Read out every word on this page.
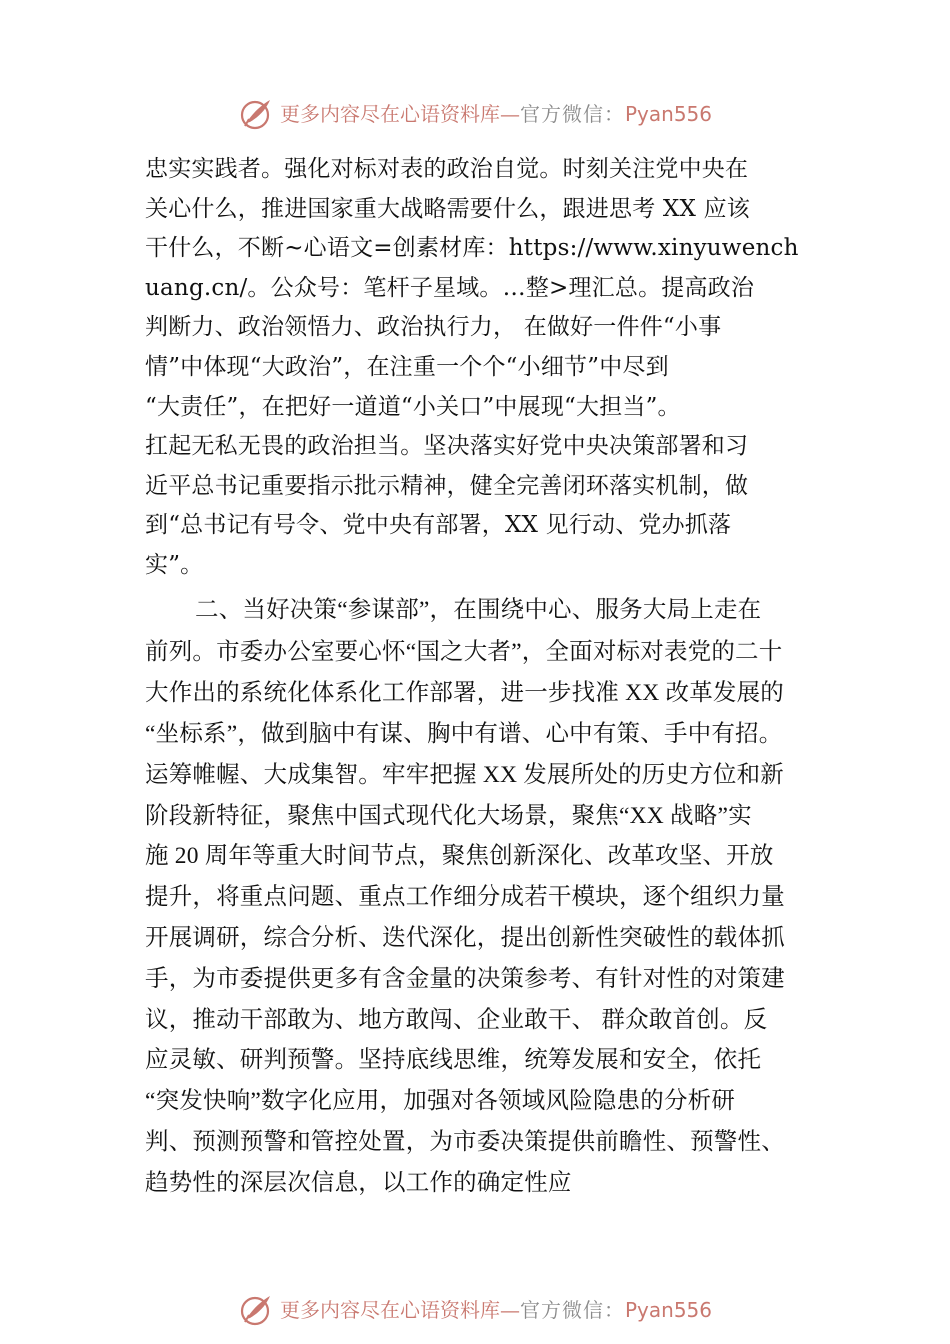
更多内容尽在心语资料库—官方微信：Pyan556
忠实实践者。强化对标对表的政治自觉。时刻关注党中央在
关心什么，推进国家重大战略需要什么，跟进思考 XX 应该
干什么，不断~心语文=创素材库：https://www.xinyuwench
uang.cn/。公众号：笔杆子星域。…整>理汇总。提高政治
判断力、政治领悟力、政治执行力， 在做好一件件“小事
情”中体现“大政治”，在注重一个个“小细节”中尽到
“大责任”，在把好一道道“小关口”中展现“大担当”。
扛起无私无畏的政治担当。坚决落实好党中央决策部署和习
近平总书记重要指示批示精神，健全完善闭环落实机制，做
到“总书记有号令、党中央有部署，XX 见行动、党办抓落
实”。
二、当好决策“参谋部”，在围绕中心、服务大局上走在
前列。市委办公室要心怀“国之大者”，全面对标对表党的二十
大作出的系统化体系化工作部署，进一步找准 XX 改革发展的
“坐标系”，做到脑中有谋、胸中有谱、心中有策、手中有招。
运筹帷幄、大成集智。牢牢把握 XX 发展所处的历史方位和新
阶段新特征，聚焦中国式现代化大场景，聚焦“XX 战略”实
施 20 周年等重大时间节点，聚焦创新深化、改革攻坚、开放
提升，将重点问题、重点工作细分成若干模块，逐个组织力量
开展调研，综合分析、迭代深化，提出创新性突破性的载体抓
手，为市委提供更多有含金量的决策参考、有针对性的对策建
议，推动干部敢为、地方敢闯、企业敢干、 群众敢首创。反
应灵敏、研判预警。坚持底线思维，统筹发展和安全，依托
“突发快响”数字化应用，加强对各领域风险隐患的分析研
判、预测预警和管控处置，为市委决策提供前瞻性、预警性、
趋势性的深层次信息，以工作的确定性应
更多内容尽在心语资料库—官方微信：Pyan556
